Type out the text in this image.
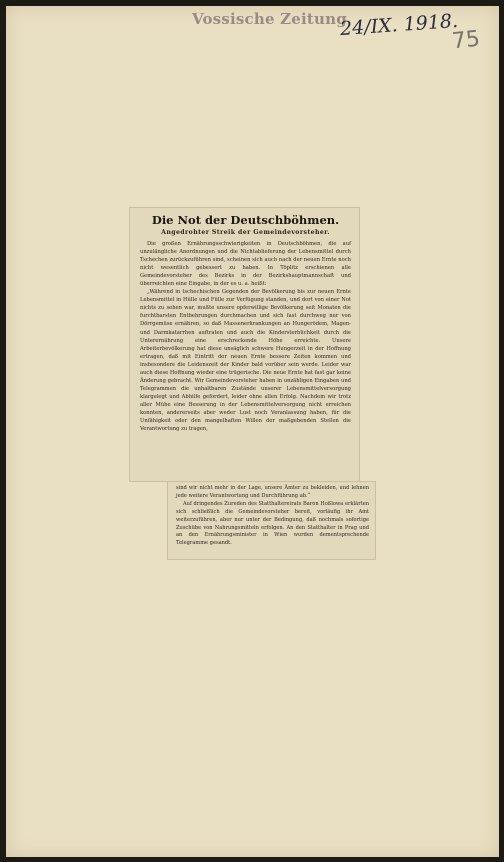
Vossische Zeitung
24/IX. 1918.
75
Die Not der Deutschböhmen.
Angedrohter Streik der Gemeindevorsteher.

Die großen Ernährungsschwierigkeiten in Deutschböhmen, die auf unzulängliche Anordnungen und die Nichtablieferung der Lebensmittel durch Tschechen zurückzuführen sind, scheinen sich auch nach der neuen Ernte noch nicht wesentlich gebessert zu haben. In Töplitz erschienen alle Gemeindevorsteher des Bezirks in der Bezirkshauptmannschaft und überreichten eine Eingabe, in der es u. a. heißt:

„Während in tschechischen Gegenden der Bevölkerung bis zur neuen Ernte Lebensmittel in Hülle und Fülle zur Verfügung standen, und dort von einer Not nichts zu sehen war, mußte unsere opferwillige Bevölkerung seit Monaten die furchtbarsten Entbehrungen durchmachen und sich fast durchweg nur von Dörrgemüse ernähren, so daß Massenerkrankungen an Hungerödem, Magen- und Darmkatarrhen auftraten und auch die Kindersterblichkeit durch die Unterernährung eine erschreckende Höhe erreichte. Unsere Arbeiterbevölkerung hat diese unsäglich schwere Hungerzeit in der Hoffnung ertragen, daß mit Eintritt der neuen Ernte bessere Zeiten kommen und insbesondere die Leidenszeit der Kinder bald vorüber sein werde. Leider war auch diese Hoffnung wieder eine trügerische. Die neue Ernte hat fast gar keine Änderung gebracht. Wir Gemeindevorsteher haben in unzähligen Eingaben und Telegrammen die unhaltbaren Zustände unserer Lebensmittelversorgung klargelegt und Abhilfe gefordert, leider ohne allen Erfolg. Nachdem wir trotz aller Mühe eine Besserung in der Lebensmittelversorgung nicht erreichen konnten, andererseits aber weder Lust noch Veranlassung haben, für die Unfähigkeit oder den mangelhaften Willen der maßgebenden Stellen die Verantwortung zu tragen,

sind wir nicht mehr in der Lage, unsere Ämter zu bekleiden, und lehnen jede weitere Verantwortung und Durchführung ab.“

Auf dringendes Zureden des Statthaltereirats Baron Hoßlowa erklärten sich schließlich die Gemeindevorsteher bereit, vorläufig ihr Amt weiterzuführen, aber nur unter der Bedingung, daß nochmals sofortige Zuschübe von Nahrungsmitteln erfolgen. An den Statthalter in Prag und an den Ernährungsminister in Wien wurden dementsprechende Telegramme gesandt.
